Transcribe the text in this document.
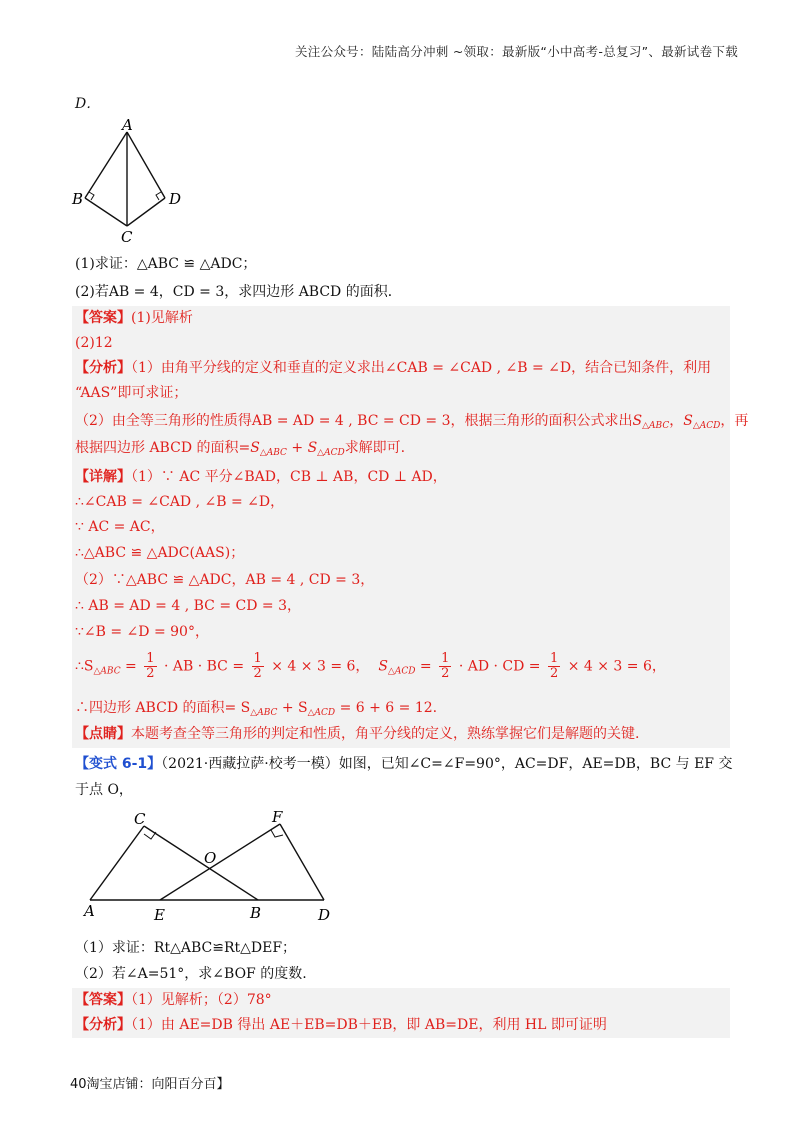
关注公众号：陆陆高分冲刺 ~领取：最新版“小中高考-总复习”、最新试卷下载
D．
A
B
C
D
(1)求证：△ABC ≌ △ADC；
(2)若AB = 4，CD = 3，求四边形 ABCD 的面积．
【答案】(1)见解析
(2)12
【分析】（1）由角平分线的定义和垂直的定义求出∠CAB = ∠CAD , ∠B = ∠D，结合已知条件，利用
“AAS”即可求证；
（2）由全等三角形的性质得AB = AD = 4 , BC = CD = 3，根据三角形的面积公式求出$S_{\triangle ABC}$，$S_{\triangle ACD}$，再
根据四边形 ABCD 的面积$=S_{\triangle ABC} + S_{\triangle ACD}$求解即可.
【详解】（1）∵ AC 平分∠BAD，CB ⊥ AB，CD ⊥ AD，
∴∠CAB = ∠CAD , ∠B = ∠D，
∵ AC = AC，
∴△ABC ≌ △ADC(AAS)；
（2）∵△ABC ≌ △ADC，AB = 4 , CD = 3，
∴ AB = AD = 4 , BC = CD = 3，
∵∠B = ∠D = 90°，
$\therefore S_{\triangle ABC} = \frac{1}{2}$ · AB · BC = $\frac{1}{2} \times 4 \times 3 = 6$， $S_{\triangle ACD} = \frac{1}{2}$ · AD · CD = $\frac{1}{2} \times 4 \times 3 = 6$，
∴四边形 ABCD 的面积= $S_{\triangle ABC} + S_{\triangle ACD} = 6 + 6 = 12$.
【点睛】本题考查全等三角形的判定和性质，角平分线的定义，熟练掌握它们是解题的关键.
【变式 6-1】（2021·西藏拉萨·校考一模）如图，已知∠C=∠F=90°，AC=DF，AE=DB，BC 与 EF 交
于点 O，
C	F
O
A	E	B	D
（1）求证：Rt△ABC≌Rt△DEF；
（2）若∠A=51°，求∠BOF 的度数.
【答案】（1）见解析；（2）78°
【分析】（1）由 AE=DB 得出 AE＋EB=DB＋EB，即 AB=DE，利用 HL 即可证明
40淘宝店铺：向阳百分百】
